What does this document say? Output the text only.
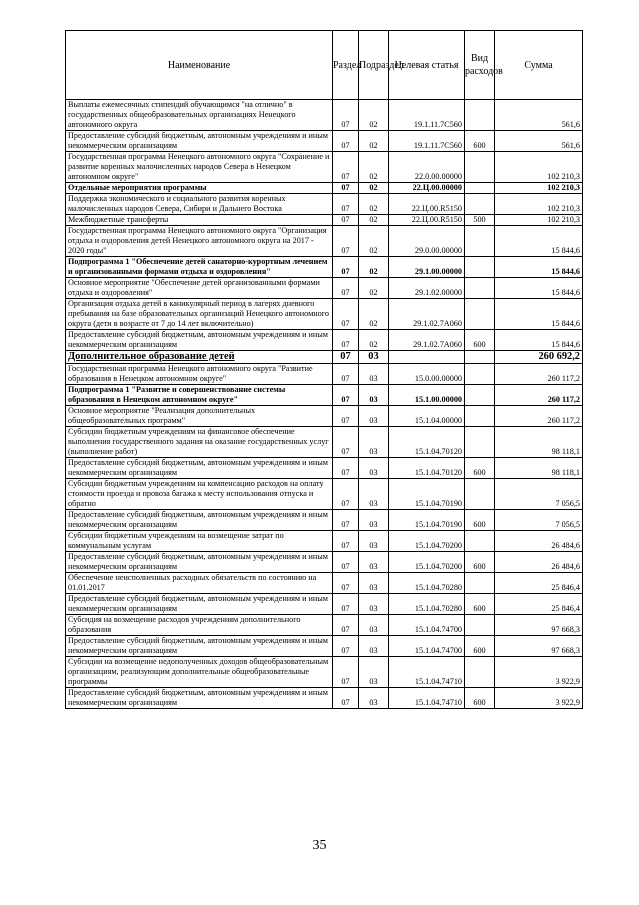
Наименование	Раздел	Подраздел	Целевая статья	Вид расходов	Сумма
Выплаты ежемесячных стипендий обучающимся "на отлично" в государственных общеобразовательных организациях Ненецкого автономного округа	07	02	19.1.11.7С560		561,6
Предоставление субсидий бюджетным, автономным учреждениям и иным некоммерческим организациям	07	02	19.1.11.7С560	600	561,6
Государственная программа Ненецкого автономного округа "Сохранение и развитие коренных малочисленных народов Севера в Ненецком автономном округе"	07	02	22.0.00.00000		102 210,3
Отдельные мероприятия программы	07	02	22.Ц.00.00000		102 210,3
Поддержка экономического и социального развития коренных малочисленных народов Севера, Сибири и Дальнего Востока	07	02	22.Ц.00.R5150		102 210,3
Межбюджетные трансферты	07	02	22.Ц.00.R5150	500	102 210,3
Государственная программа Ненецкого автономного округа "Организация отдыха и оздоровления детей Ненецкого автономного округа на 2017 - 2020 годы"	07	02	29.0.00.00000		15 844,6
Подпрограмма 1 "Обеспечение детей санаторно-курортным лечением и организованными формами отдыха и оздоровления"	07	02	29.1.00.00000		15 844,6
Основное мероприятие "Обеспечение детей организованными формами отдыха и оздоровления"	07	02	29.1.02.00000		15 844,6
Организация отдыха детей в каникулярный период в лагерях дневного пребывания на базе образовательных организаций Ненецкого автономного округа (дети в возрасте от 7 до 14 лет включительно)	07	02	29.1.02.7А060		15 844,6
Предоставление субсидий бюджетным, автономным учреждениям и иным некоммерческим организациям	07	02	29.1.02.7А060	600	15 844,6
Дополнительное образование детей	07	03			260 692,2
Государственная программа Ненецкого автономного округа "Развитие образования в Ненецком автономном округе"	07	03	15.0.00.00000		260 117,2
Подпрограмма 1 "Развитие и совершенствование системы образования в Ненецком автономном округе"	07	03	15.1.00.00000		260 117,2
Основное мероприятие "Реализация дополнительных общеобразовательных программ"	07	03	15.1.04.00000		260 117,2
Субсидии бюджетным учреждениям на финансовое обеспечение выполнения государственного задания на оказание государственных услуг (выполнение работ)	07	03	15.1.04.70120		98 118,1
Предоставление субсидий бюджетным, автономным учреждениям и иным некоммерческим организациям	07	03	15.1.04.70120	600	98 118,1
Субсидии бюджетным учреждениям на компенсацию расходов на оплату стоимости проезда и провоза багажа к месту использования отпуска и обратно	07	03	15.1.04.70190		7 056,5
Предоставление субсидий бюджетным, автономным учреждениям и иным некоммерческим организациям	07	03	15.1.04.70190	600	7 056,5
Субсидии бюджетным учреждениям на возмещение затрат по коммунальным услугам	07	03	15.1.04.70200		26 484,6
Предоставление субсидий бюджетным, автономным учреждениям и иным некоммерческим организациям	07	03	15.1.04.70200	600	26 484,6
Обеспечение неисполненных расходных обязательств по состоянию на 01.01.2017	07	03	15.1.04.70280		25 846,4
Предоставление субсидий бюджетным, автономным учреждениям и иным некоммерческим организациям	07	03	15.1.04.70280	600	25 846,4
Субсидия на возмещение расходов учреждениям дополнительного образования	07	03	15.1.04.74700		97 668,3
Предоставление субсидий бюджетным, автономным учреждениям и иным некоммерческим организациям	07	03	15.1.04.74700	600	97 668,3
Субсидии на возмещение недополученных доходов общеобразовательным организациям, реализующим дополнительные общеобразовательные программы	07	03	15.1.04.74710		3 922,9
Предоставление субсидий бюджетным, автономным учреждениям и иным некоммерческим организациям	07	03	15.1.04.74710	600	3 922,9
35
